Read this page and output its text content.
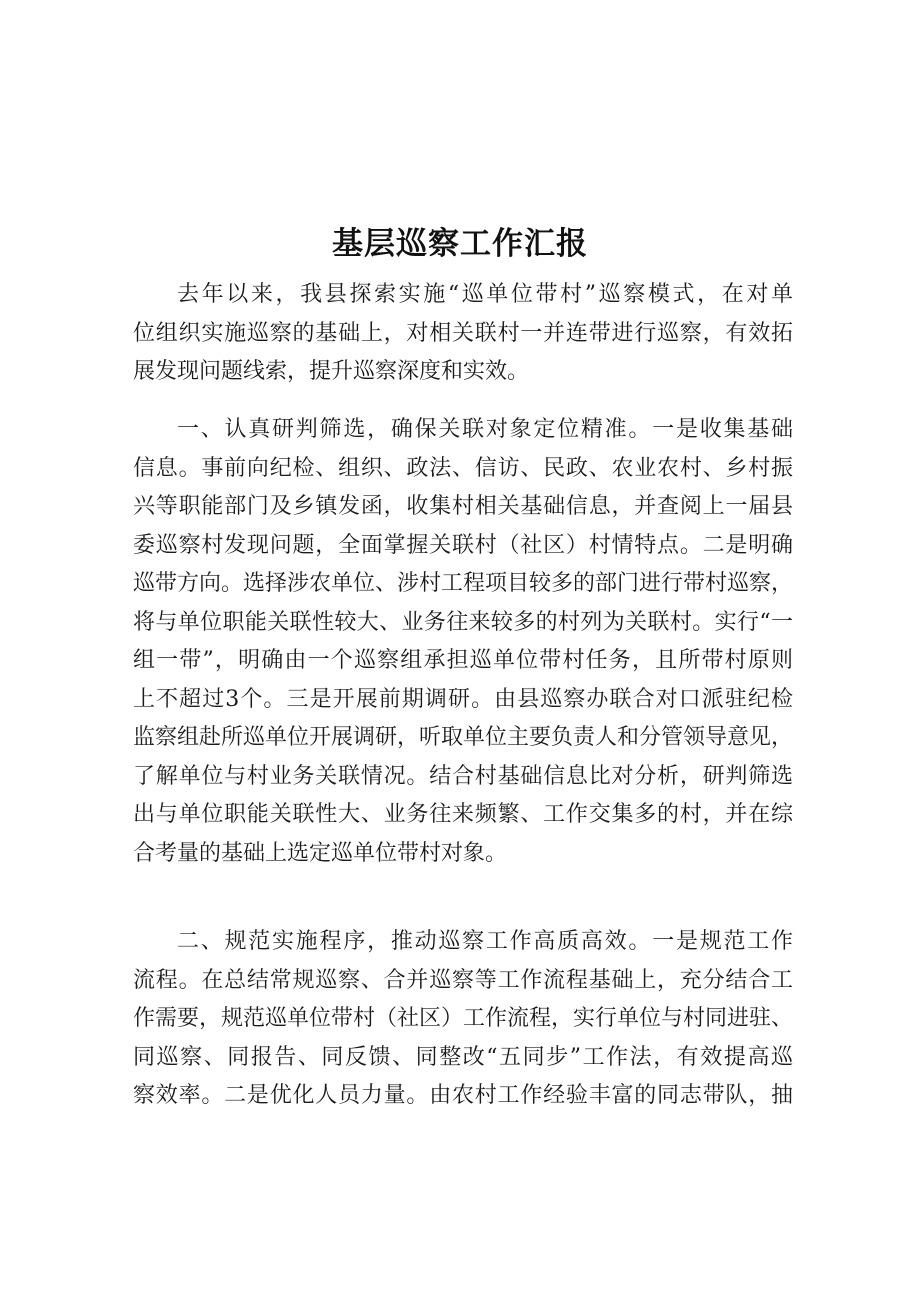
基层巡察工作汇报
去年以来，我县探索实施“巡单位带村”巡察模式，在对单
位组织实施巡察的基础上，对相关联村一并连带进行巡察，有效拓
展发现问题线索，提升巡察深度和实效。
一、认真研判筛选，确保关联对象定位精准。一是收集基础
信息。事前向纪检、组织、政法、信访、民政、农业农村、乡村振
兴等职能部门及乡镇发函，收集村相关基础信息，并查阅上一届县
委巡察村发现问题，全面掌握关联村（社区）村情特点。二是明确
巡带方向。选择涉农单位、涉村工程项目较多的部门进行带村巡察，
将与单位职能关联性较大、业务往来较多的村列为关联村。实行“一
组一带”，明确由一个巡察组承担巡单位带村任务，且所带村原则
上不超过3个。三是开展前期调研。由县巡察办联合对口派驻纪检
监察组赴所巡单位开展调研，听取单位主要负责人和分管领导意见，
了解单位与村业务关联情况。结合村基础信息比对分析，研判筛选
出与单位职能关联性大、业务往来频繁、工作交集多的村，并在综
合考量的基础上选定巡单位带村对象。
二、规范实施程序，推动巡察工作高质高效。一是规范工作
流程。在总结常规巡察、合并巡察等工作流程基础上，充分结合工
作需要，规范巡单位带村（社区）工作流程，实行单位与村同进驻、
同巡察、同报告、同反馈、同整改“五同步”工作法，有效提高巡
察效率。二是优化人员力量。由农村工作经验丰富的同志带队，抽
